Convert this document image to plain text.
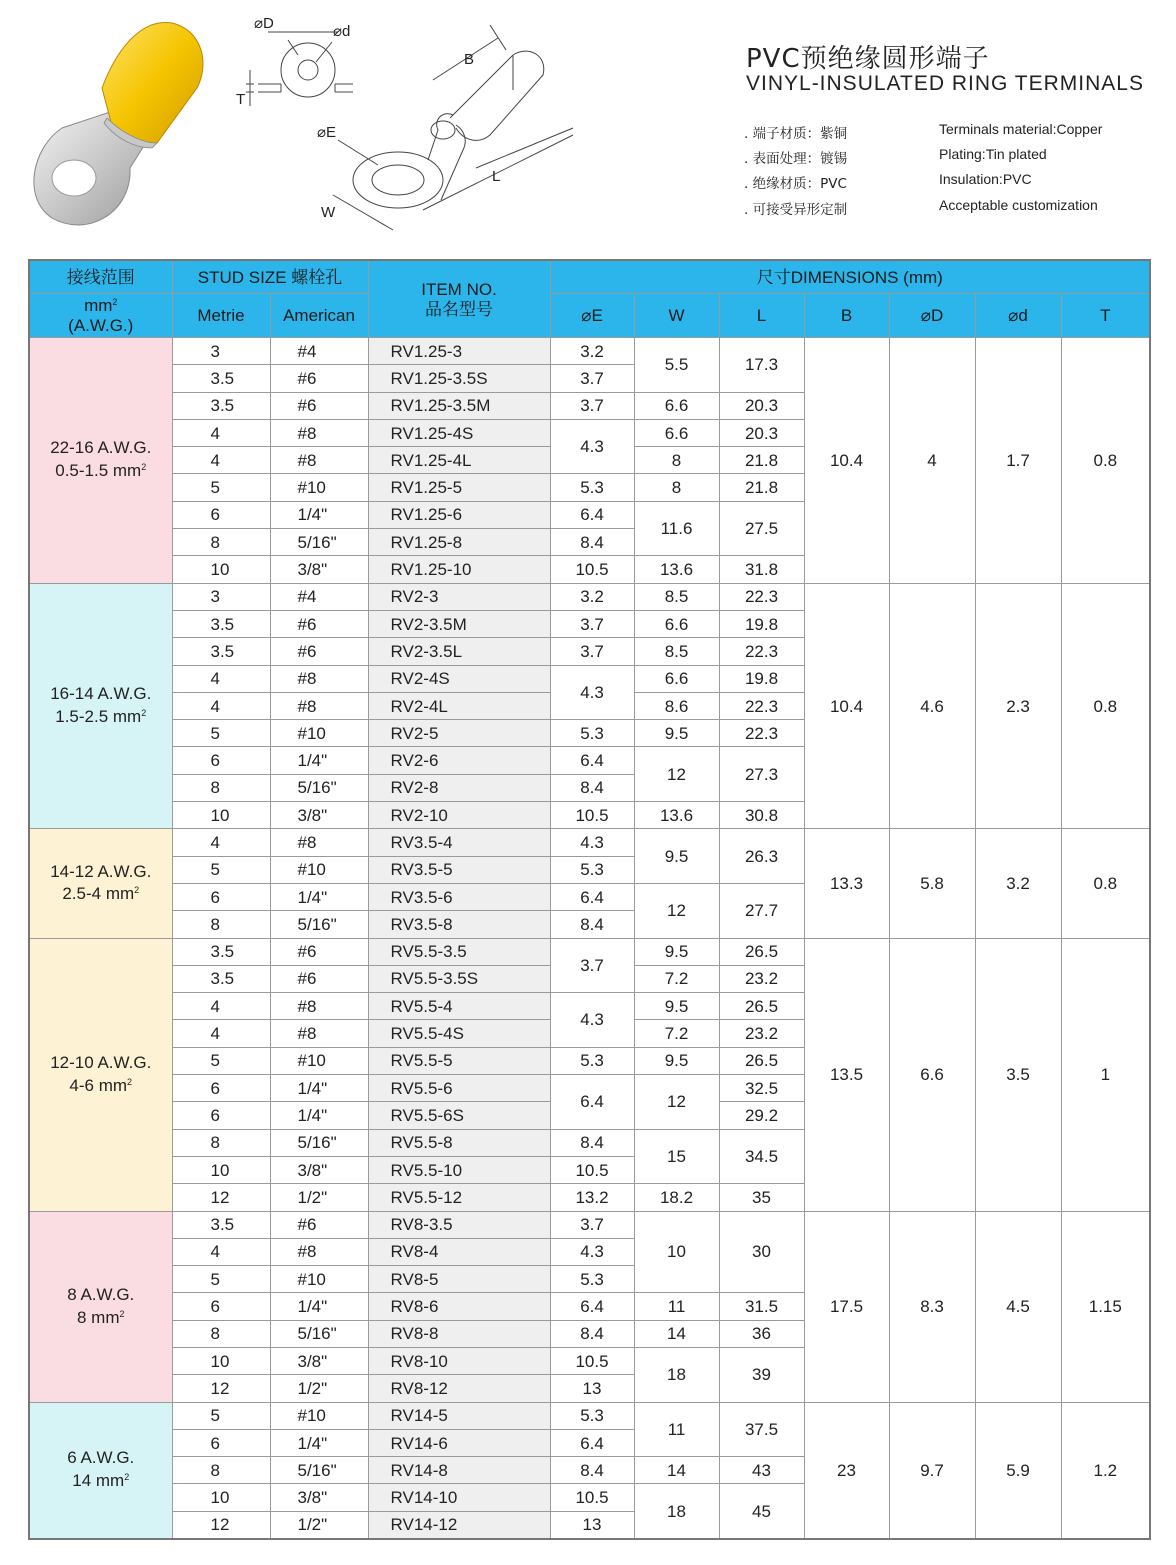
⌀D	⌀d
T
B
⌀E
L
W
PVC预绝缘圆形端子
VINYL-INSULATED RING TERMINALS
. 端子材质：紫铜	Terminals material:Copper
. 表面处理：镀锡	Plating:Tin plated
. 绝缘材质：PVC	Insulation:PVC
. 可接受异形定制	Acceptable customization
接线范围	STUD SIZE 螺栓孔		ITEM NO.
品名型号	尺寸DIMENSIONS (mm)						

$mm^2$
(A.W.G.)	Metrie	American		⌀E	W	L	B	⌀D	⌀d	T

22-16 A.W.G.
0.5-1.5 $mm^2$	3	#4	RV1.25-3	3.2	5.5	17.3	10.4	4	1.7	0.8
	3.5	#6	RV1.25-3.5S	3.7						
	3.5	#6	RV1.25-3.5M	3.7	6.6	20.3				
	4	#8	RV1.25-4S	4.3	6.6	20.3				
	4	#8	RV1.25-4L		8	21.8				
	5	#10	RV1.25-5	5.3	8	21.8				
	6	1/4"	RV1.25-6	6.4	11.6	27.5				
	8	5/16"	RV1.25-8	8.4						
	10	3/8"	RV1.25-10	10.5	13.6	31.8				

16-14 A.W.G.
1.5-2.5 $mm^2$	3	#4	RV2-3	3.2	8.5	22.3	10.4	4.6	2.3	0.8
	3.5	#6	RV2-3.5M	3.7	6.6	19.8				
	3.5	#6	RV2-3.5L	3.7	8.5	22.3				
	4	#8	RV2-4S	4.3	6.6	19.8				
	4	#8	RV2-4L		8.6	22.3				
	5	#10	RV2-5	5.3	9.5	22.3				
	6	1/4"	RV2-6	6.4	12	27.3				
	8	5/16"	RV2-8	8.4						
	10	3/8"	RV2-10	10.5	13.6	30.8				

14-12 A.W.G.
2.5-4 $mm^2$	4	#8	RV3.5-4	4.3	9.5	26.3	13.3	5.8	3.2	0.8
	5	#10	RV3.5-5	5.3						
	6	1/4"	RV3.5-6	6.4	12	27.7				
	8	5/16"	RV3.5-8	8.4						

12-10 A.W.G.
4-6 $mm^2$	3.5	#6	RV5.5-3.5	3.7	9.5	26.5	13.5	6.6	3.5	1
	3.5	#6	RV5.5-3.5S		7.2	23.2				
	4	#8	RV5.5-4	4.3	9.5	26.5				
	4	#8	RV5.5-4S		7.2	23.2				
	5	#10	RV5.5-5	5.3	9.5	26.5				
	6	1/4"	RV5.5-6	6.4	12	32.5				
	6	1/4"	RV5.5-6S			29.2				
	8	5/16"	RV5.5-8	8.4	15	34.5				
	10	3/8"	RV5.5-10	10.5						
	12	1/2"	RV5.5-12	13.2	18.2	35				

8 A.W.G.
8 $mm^2$	3.5	#6	RV8-3.5	3.7	10	30	17.5	8.3	4.5	1.15
	4	#8	RV8-4	4.3						
	5	#10	RV8-5	5.3						
	6	1/4"	RV8-6	6.4	11	31.5				
	8	5/16"	RV8-8	8.4	14	36				
	10	3/8"	RV8-10	10.5	18	39				
	12	1/2"	RV8-12	13						

6 A.W.G.
14 $mm^2$	5	#10	RV14-5	5.3	11	37.5	23	9.7	5.9	1.2
	6	1/4"	RV14-6	6.4						
	8	5/16"	RV14-8	8.4	14	43				
	10	3/8"	RV14-10	10.5	18	45				
	12	1/2"	RV14-12	13						
